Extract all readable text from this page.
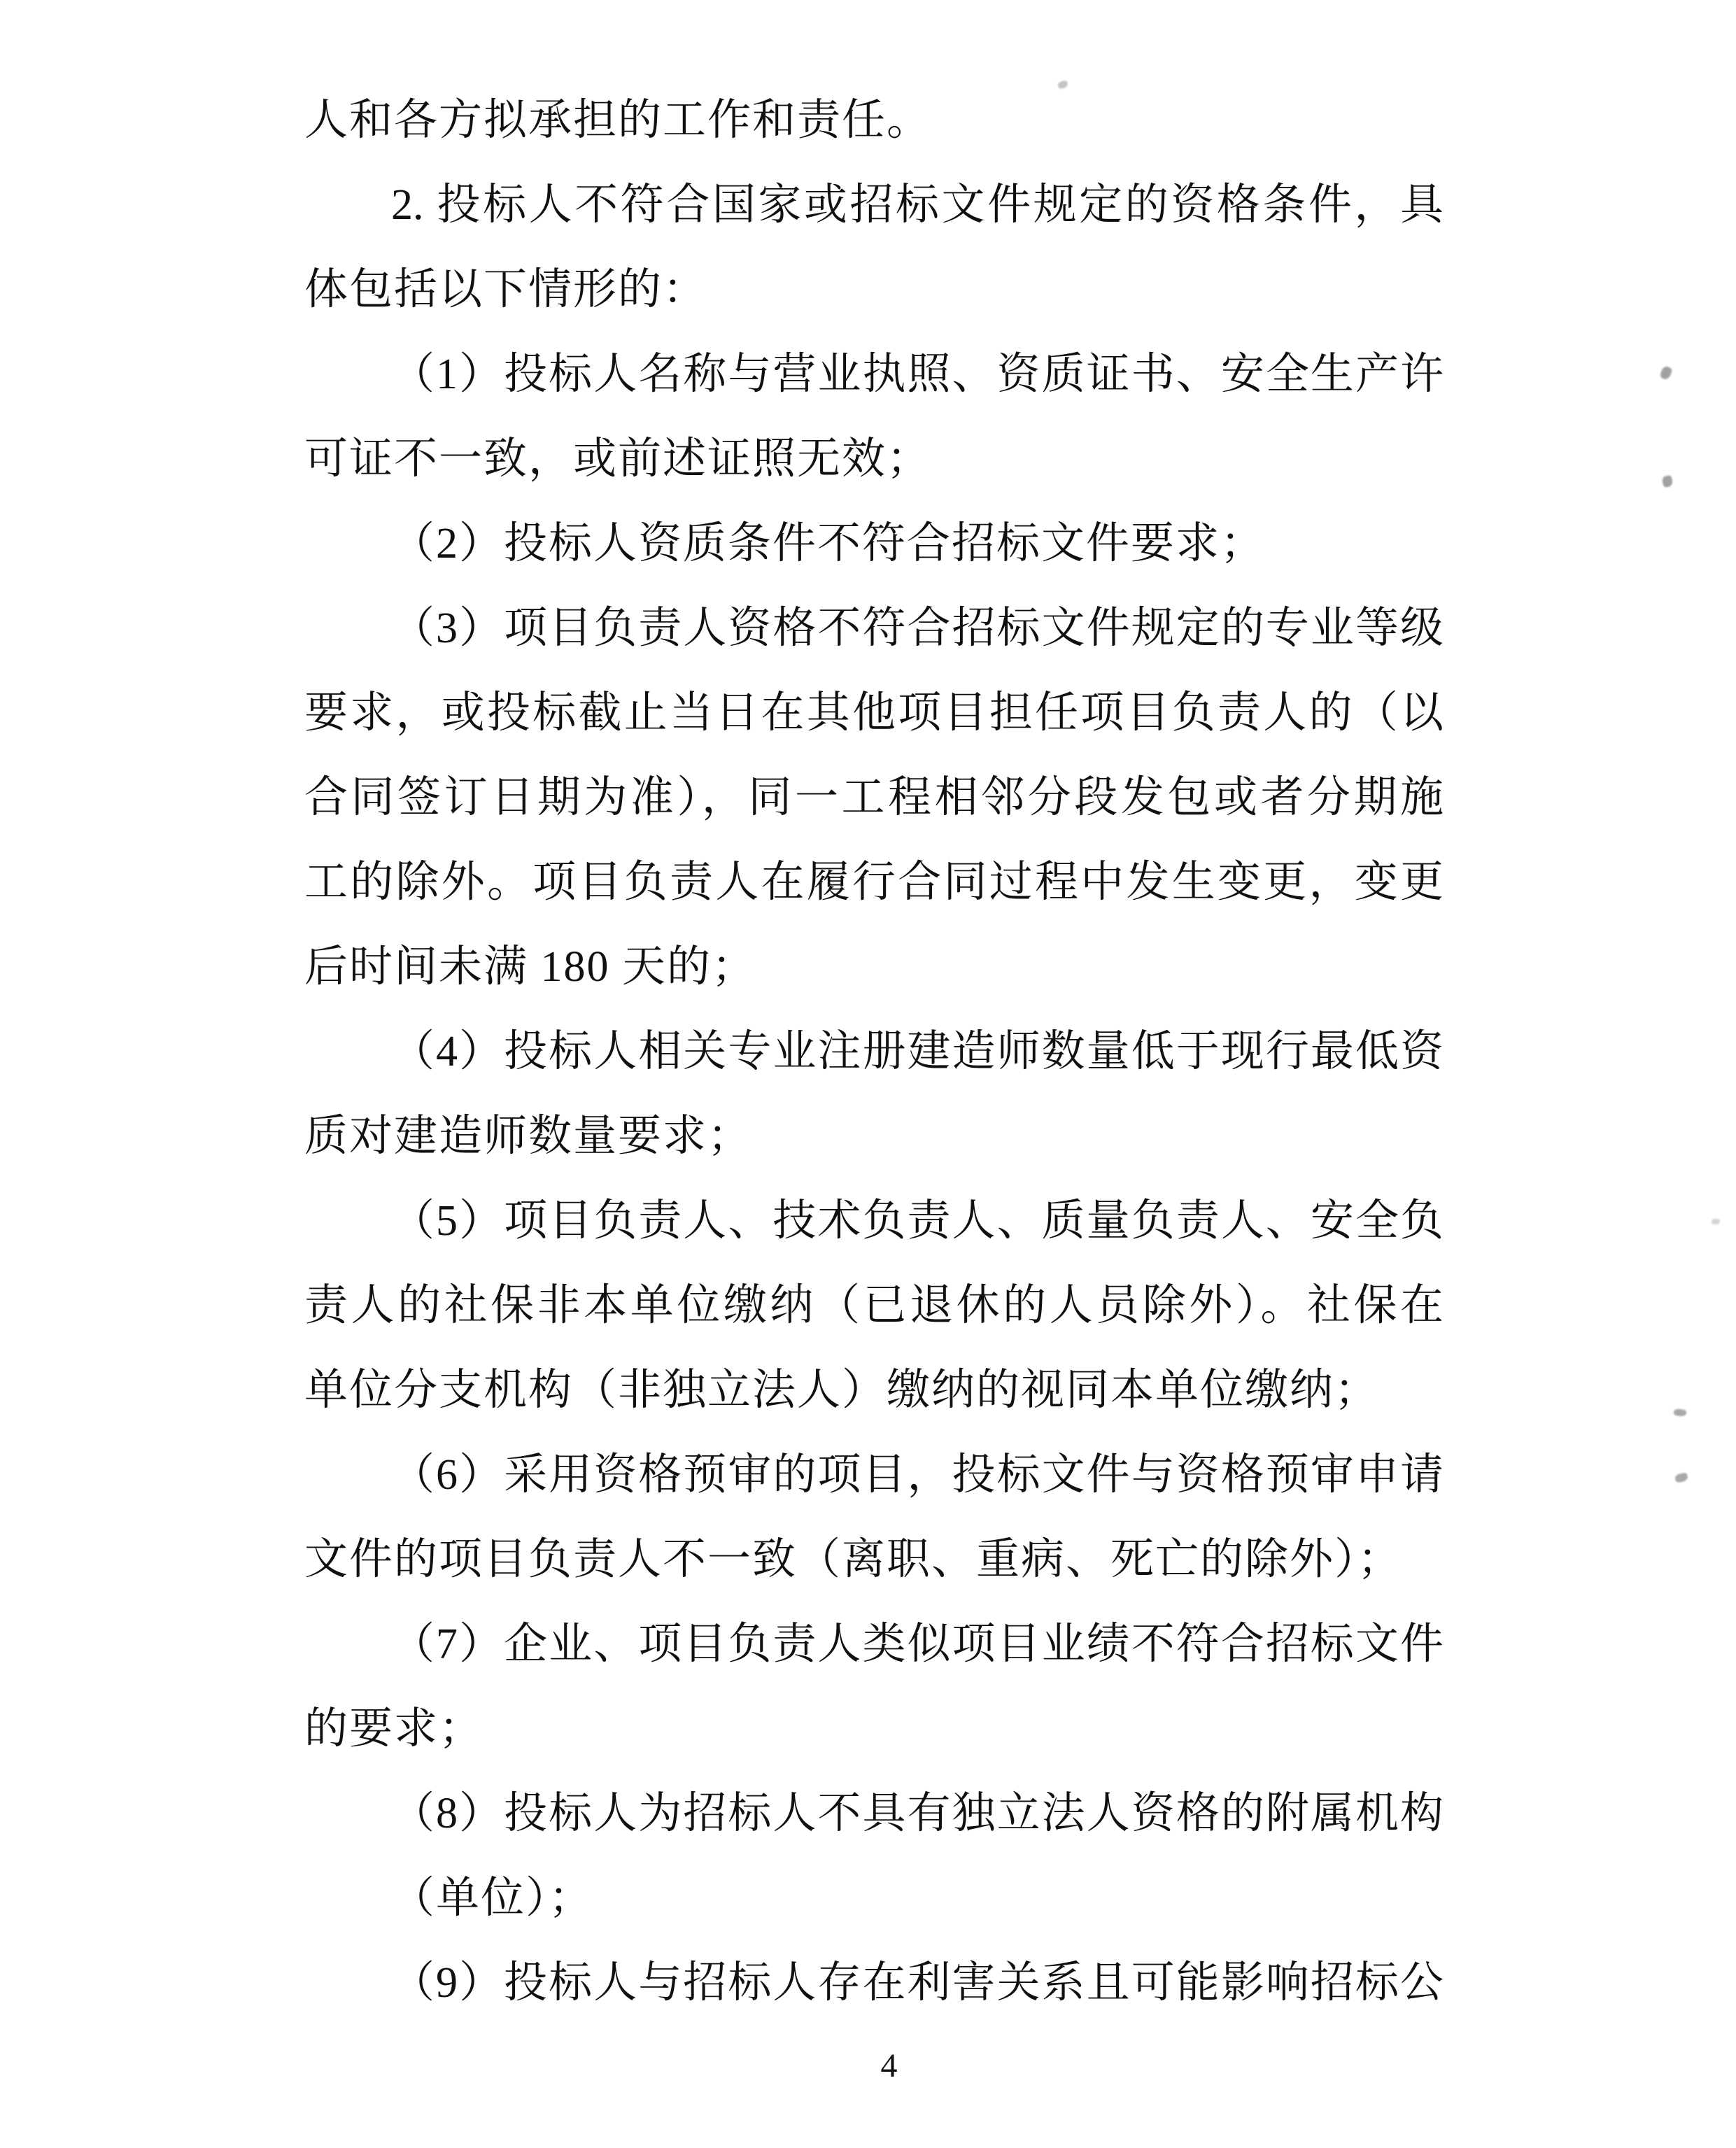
人和各方拟承担的工作和责任。
2. 投标人不符合国家或招标文件规定的资格条件，具
体包括以下情形的：
（1）投标人名称与营业执照、资质证书、安全生产许
可证不一致，或前述证照无效；
（2）投标人资质条件不符合招标文件要求；
（3）项目负责人资格不符合招标文件规定的专业等级
要求，或投标截止当日在其他项目担任项目负责人的（以
合同签订日期为准），同一工程相邻分段发包或者分期施
工的除外。项目负责人在履行合同过程中发生变更，变更
后时间未满 180 天的；
（4）投标人相关专业注册建造师数量低于现行最低资
质对建造师数量要求；
（5）项目负责人、技术负责人、质量负责人、安全负
责人的社保非本单位缴纳（已退休的人员除外）。社保在
单位分支机构（非独立法人）缴纳的视同本单位缴纳；
（6）采用资格预审的项目，投标文件与资格预审申请
文件的项目负责人不一致（离职、重病、死亡的除外）；
（7）企业、项目负责人类似项目业绩不符合招标文件
的要求；
（8）投标人为招标人不具有独立法人资格的附属机构
（单位）；
（9）投标人与招标人存在利害关系且可能影响招标公
4
